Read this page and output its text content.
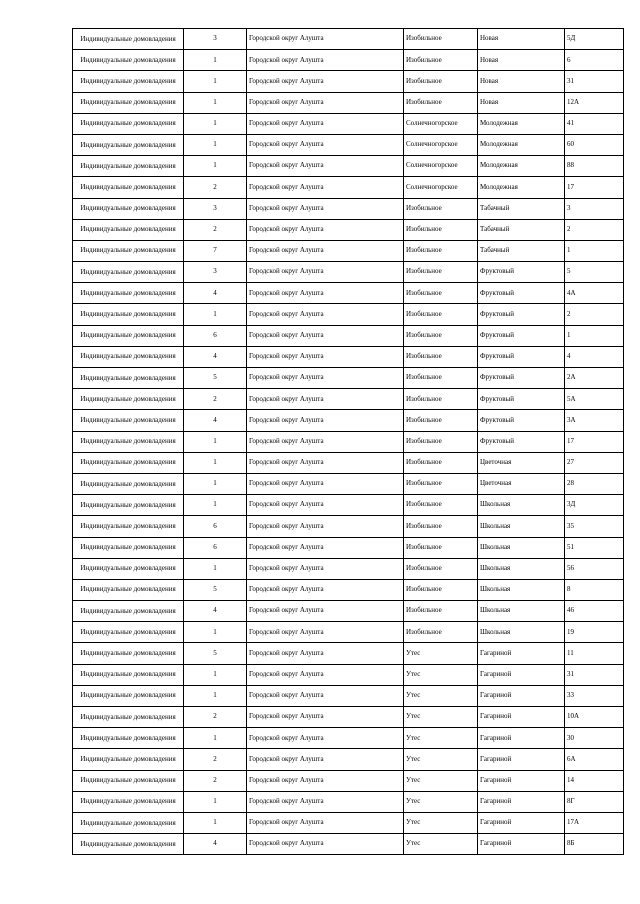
Индивидуальные домовладения	3	Городской округ Алушта	Изобильное	Новая	5Д
Индивидуальные домовладения	1	Городской округ Алушта	Изобильное	Новая	6
Индивидуальные домовладения	1	Городской округ Алушта	Изобильное	Новая	31
Индивидуальные домовладения	1	Городской округ Алушта	Изобильное	Новая	12А
Индивидуальные домовладения	1	Городской округ Алушта	Солнечногорское	Молодежная	41
Индивидуальные домовладения	1	Городской округ Алушта	Солнечногорское	Молодежная	60
Индивидуальные домовладения	1	Городской округ Алушта	Солнечногорское	Молодежная	88
Индивидуальные домовладения	2	Городской округ Алушта	Солнечногорское	Молодежная	17
Индивидуальные домовладения	3	Городской округ Алушта	Изобильное	Табачный	3
Индивидуальные домовладения	2	Городской округ Алушта	Изобильное	Табачный	2
Индивидуальные домовладения	7	Городской округ Алушта	Изобильное	Табачный	1
Индивидуальные домовладения	3	Городской округ Алушта	Изобильное	Фруктовый	5
Индивидуальные домовладения	4	Городской округ Алушта	Изобильное	Фруктовый	4А
Индивидуальные домовладения	1	Городской округ Алушта	Изобильное	Фруктовый	2
Индивидуальные домовладения	6	Городской округ Алушта	Изобильное	Фруктовый	1
Индивидуальные домовладения	4	Городской округ Алушта	Изобильное	Фруктовый	4
Индивидуальные домовладения	5	Городской округ Алушта	Изобильное	Фруктовый	2А
Индивидуальные домовладения	2	Городской округ Алушта	Изобильное	Фруктовый	5А
Индивидуальные домовладения	4	Городской округ Алушта	Изобильное	Фруктовый	3А
Индивидуальные домовладения	1	Городской округ Алушта	Изобильное	Фруктовый	17
Индивидуальные домовладения	1	Городской округ Алушта	Изобильное	Цветочная	27
Индивидуальные домовладения	1	Городской округ Алушта	Изобильное	Цветочная	28
Индивидуальные домовладения	1	Городской округ Алушта	Изобильное	Школьная	3Д
Индивидуальные домовладения	6	Городской округ Алушта	Изобильное	Школьная	35
Индивидуальные домовладения	6	Городской округ Алушта	Изобильное	Школьная	51
Индивидуальные домовладения	1	Городской округ Алушта	Изобильное	Школьная	56
Индивидуальные домовладения	5	Городской округ Алушта	Изобильное	Школьная	8
Индивидуальные домовладения	4	Городской округ Алушта	Изобильное	Школьная	46
Индивидуальные домовладения	1	Городской округ Алушта	Изобильное	Школьная	19
Индивидуальные домовладения	5	Городской округ Алушта	Утес	Гагариной	11
Индивидуальные домовладения	1	Городской округ Алушта	Утес	Гагариной	31
Индивидуальные домовладения	1	Городской округ Алушта	Утес	Гагариной	33
Индивидуальные домовладения	2	Городской округ Алушта	Утес	Гагариной	10А
Индивидуальные домовладения	1	Городской округ Алушта	Утес	Гагариной	30
Индивидуальные домовладения	2	Городской округ Алушта	Утес	Гагариной	6А
Индивидуальные домовладения	2	Городской округ Алушта	Утес	Гагариной	14
Индивидуальные домовладения	1	Городской округ Алушта	Утес	Гагариной	8Г
Индивидуальные домовладения	1	Городской округ Алушта	Утес	Гагариной	17А
Индивидуальные домовладения	4	Городской округ Алушта	Утес	Гагариной	8Б
